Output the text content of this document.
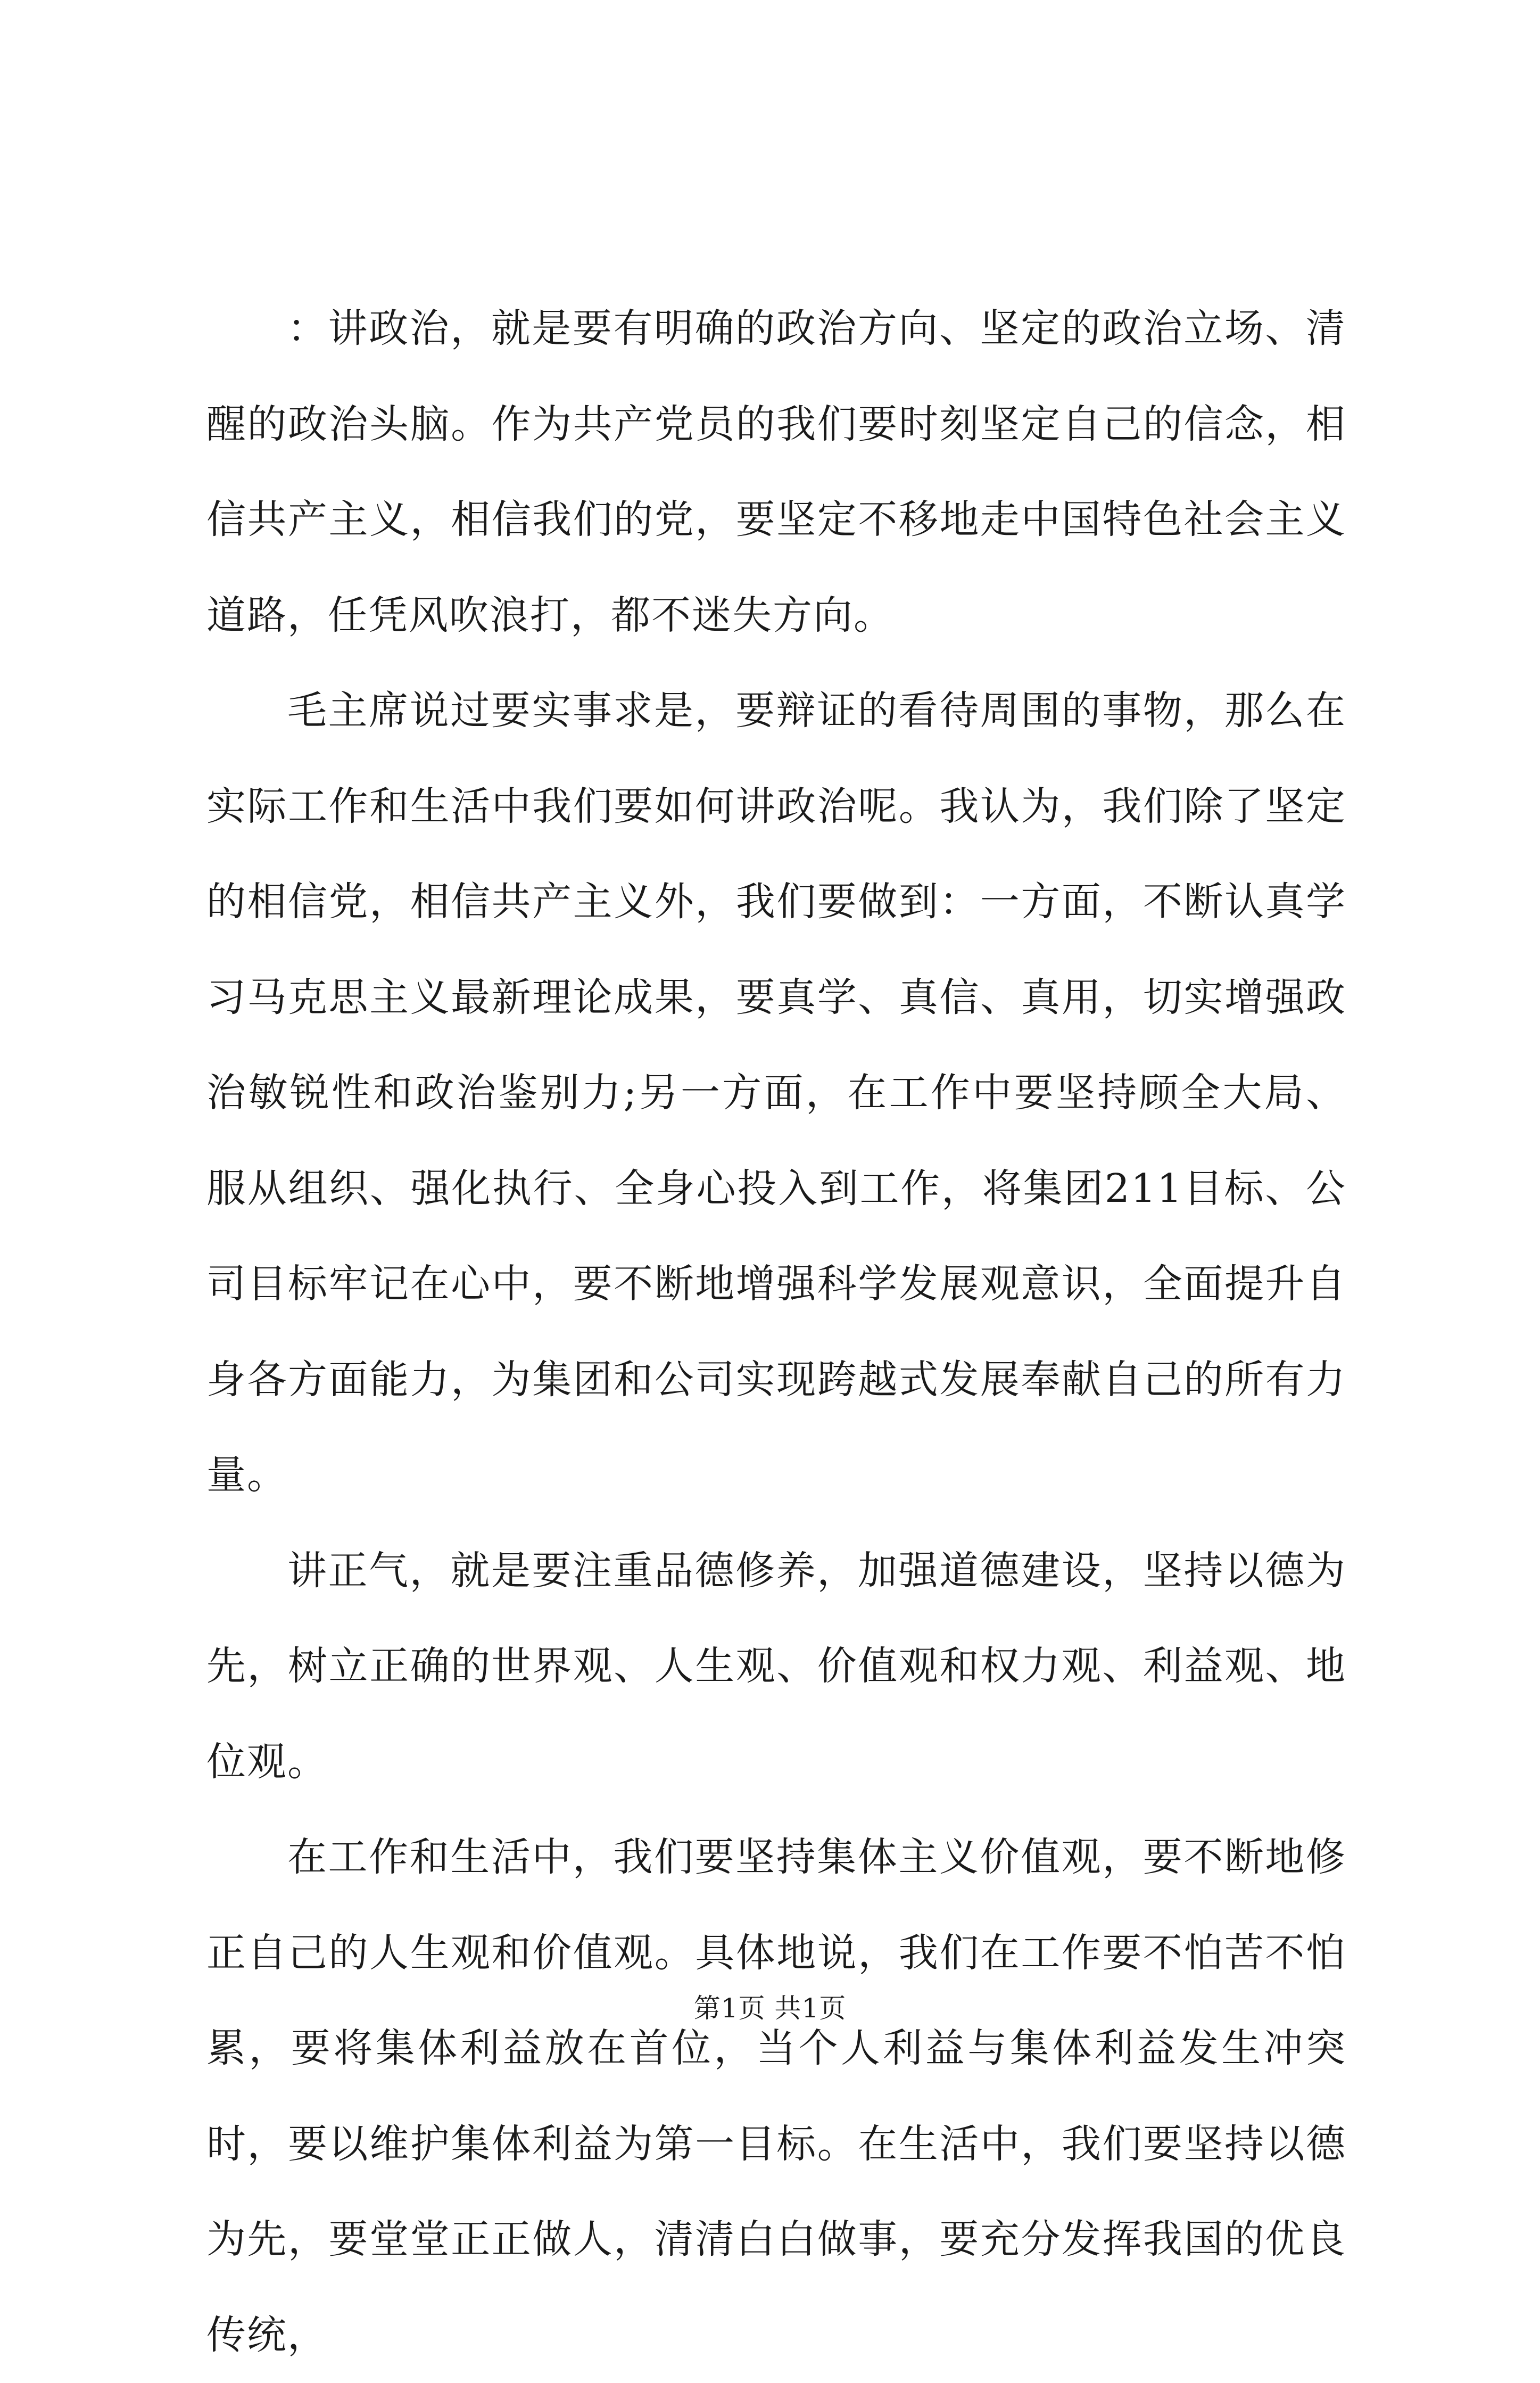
：讲政治，就是要有明确的政治方向、坚定的政治立场、清醒的政治头脑。作为共产党员的我们要时刻坚定自己的信念，相信共产主义，相信我们的党，要坚定不移地走中国特色社会主义道路，任凭风吹浪打，都不迷失方向。

毛主席说过要实事求是，要辩证的看待周围的事物，那么在实际工作和生活中我们要如何讲政治呢。我认为，我们除了坚定的相信党，相信共产主义外，我们要做到：一方面，不断认真学习马克思主义最新理论成果，要真学、真信、真用，切实增强政治敏锐性和政治鉴别力;另一方面，在工作中要坚持顾全大局、服从组织、强化执行、全身心投入到工作，将集团211目标、公司目标牢记在心中，要不断地增强科学发展观意识，全面提升自身各方面能力，为集团和公司实现跨越式发展奉献自己的所有力量。

讲正气，就是要注重品德修养，加强道德建设，坚持以德为先，树立正确的世界观、人生观、价值观和权力观、利益观、地位观。

在工作和生活中，我们要坚持集体主义价值观，要不断地修正自己的人生观和价值观。具体地说，我们在工作要不怕苦不怕累，要将集体利益放在首位，当个人利益与集体利益发生冲突时，要以维护集体利益为第一目标。在生活中，我们要坚持以德为先，要堂堂正正做人，清清白白做事，要充分发挥我国的优良传统，

第1页 共1页
